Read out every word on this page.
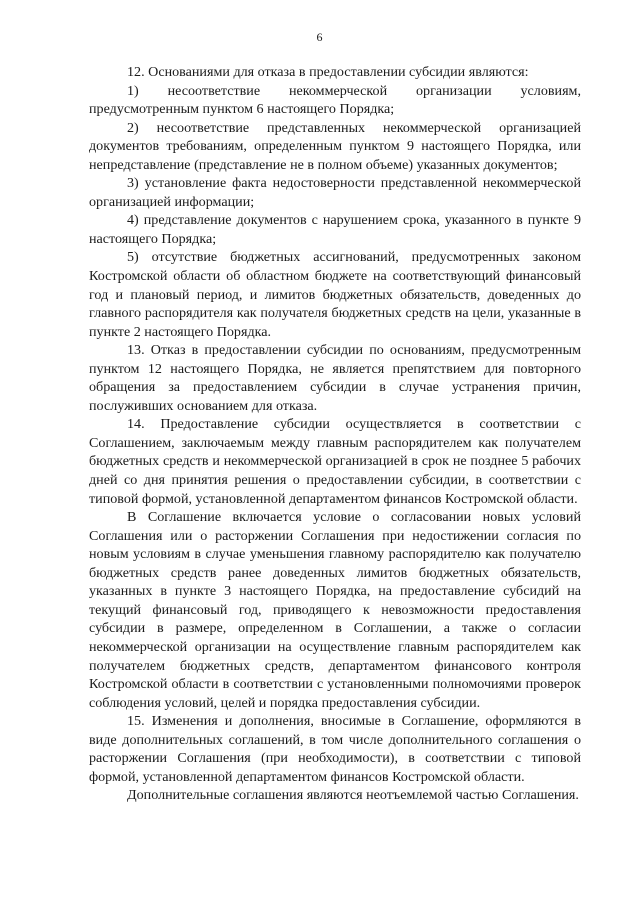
6

12. Основаниями для отказа в предоставлении субсидии являются:

1) несоответствие некоммерческой организации условиям, предусмотренным пунктом 6 настоящего Порядка;

2) несоответствие представленных некоммерческой организацией документов требованиям, определенным пунктом 9 настоящего Порядка, или непредставление (представление не в полном объеме) указанных документов;

3) установление факта недостоверности представленной некоммерческой организацией информации;

4) представление документов с нарушением срока, указанного в пункте 9 настоящего Порядка;

5) отсутствие бюджетных ассигнований, предусмотренных законом Костромской области об областном бюджете на соответствующий финансовый год и плановый период, и лимитов бюджетных обязательств, доведенных до главного распорядителя как получателя бюджетных средств на цели, указанные в пункте 2 настоящего Порядка.

13. Отказ в предоставлении субсидии по основаниям, предусмотренным пунктом 12 настоящего Порядка, не является препятствием для повторного обращения за предоставлением субсидии в случае устранения причин, послуживших основанием для отказа.

14. Предоставление субсидии осуществляется в соответствии с Соглашением, заключаемым между главным распорядителем как получателем бюджетных средств и некоммерческой организацией в срок не позднее 5 рабочих дней со дня принятия решения о предоставлении субсидии, в соответствии с типовой формой, установленной департаментом финансов Костромской области.

В Соглашение включается условие о согласовании новых условий Соглашения или о расторжении Соглашения при недостижении согласия по новым условиям в случае уменьшения главному распорядителю как получателю бюджетных средств ранее доведенных лимитов бюджетных обязательств, указанных в пункте 3 настоящего Порядка, на предоставление субсидий на текущий финансовый год, приводящего к невозможности предоставления субсидии в размере, определенном в Соглашении, а также о согласии некоммерческой организации на осуществление главным распорядителем как получателем бюджетных средств, департаментом финансового контроля Костромской области в соответствии с установленными полномочиями проверок соблюдения условий, целей и порядка предоставления субсидии.

15. Изменения и дополнения, вносимые в Соглашение, оформляются в виде дополнительных соглашений, в том числе дополнительного соглашения о расторжении Соглашения (при необходимости), в соответствии с типовой формой, установленной департаментом финансов Костромской области.

Дополнительные соглашения являются неотъемлемой частью Соглашения.
